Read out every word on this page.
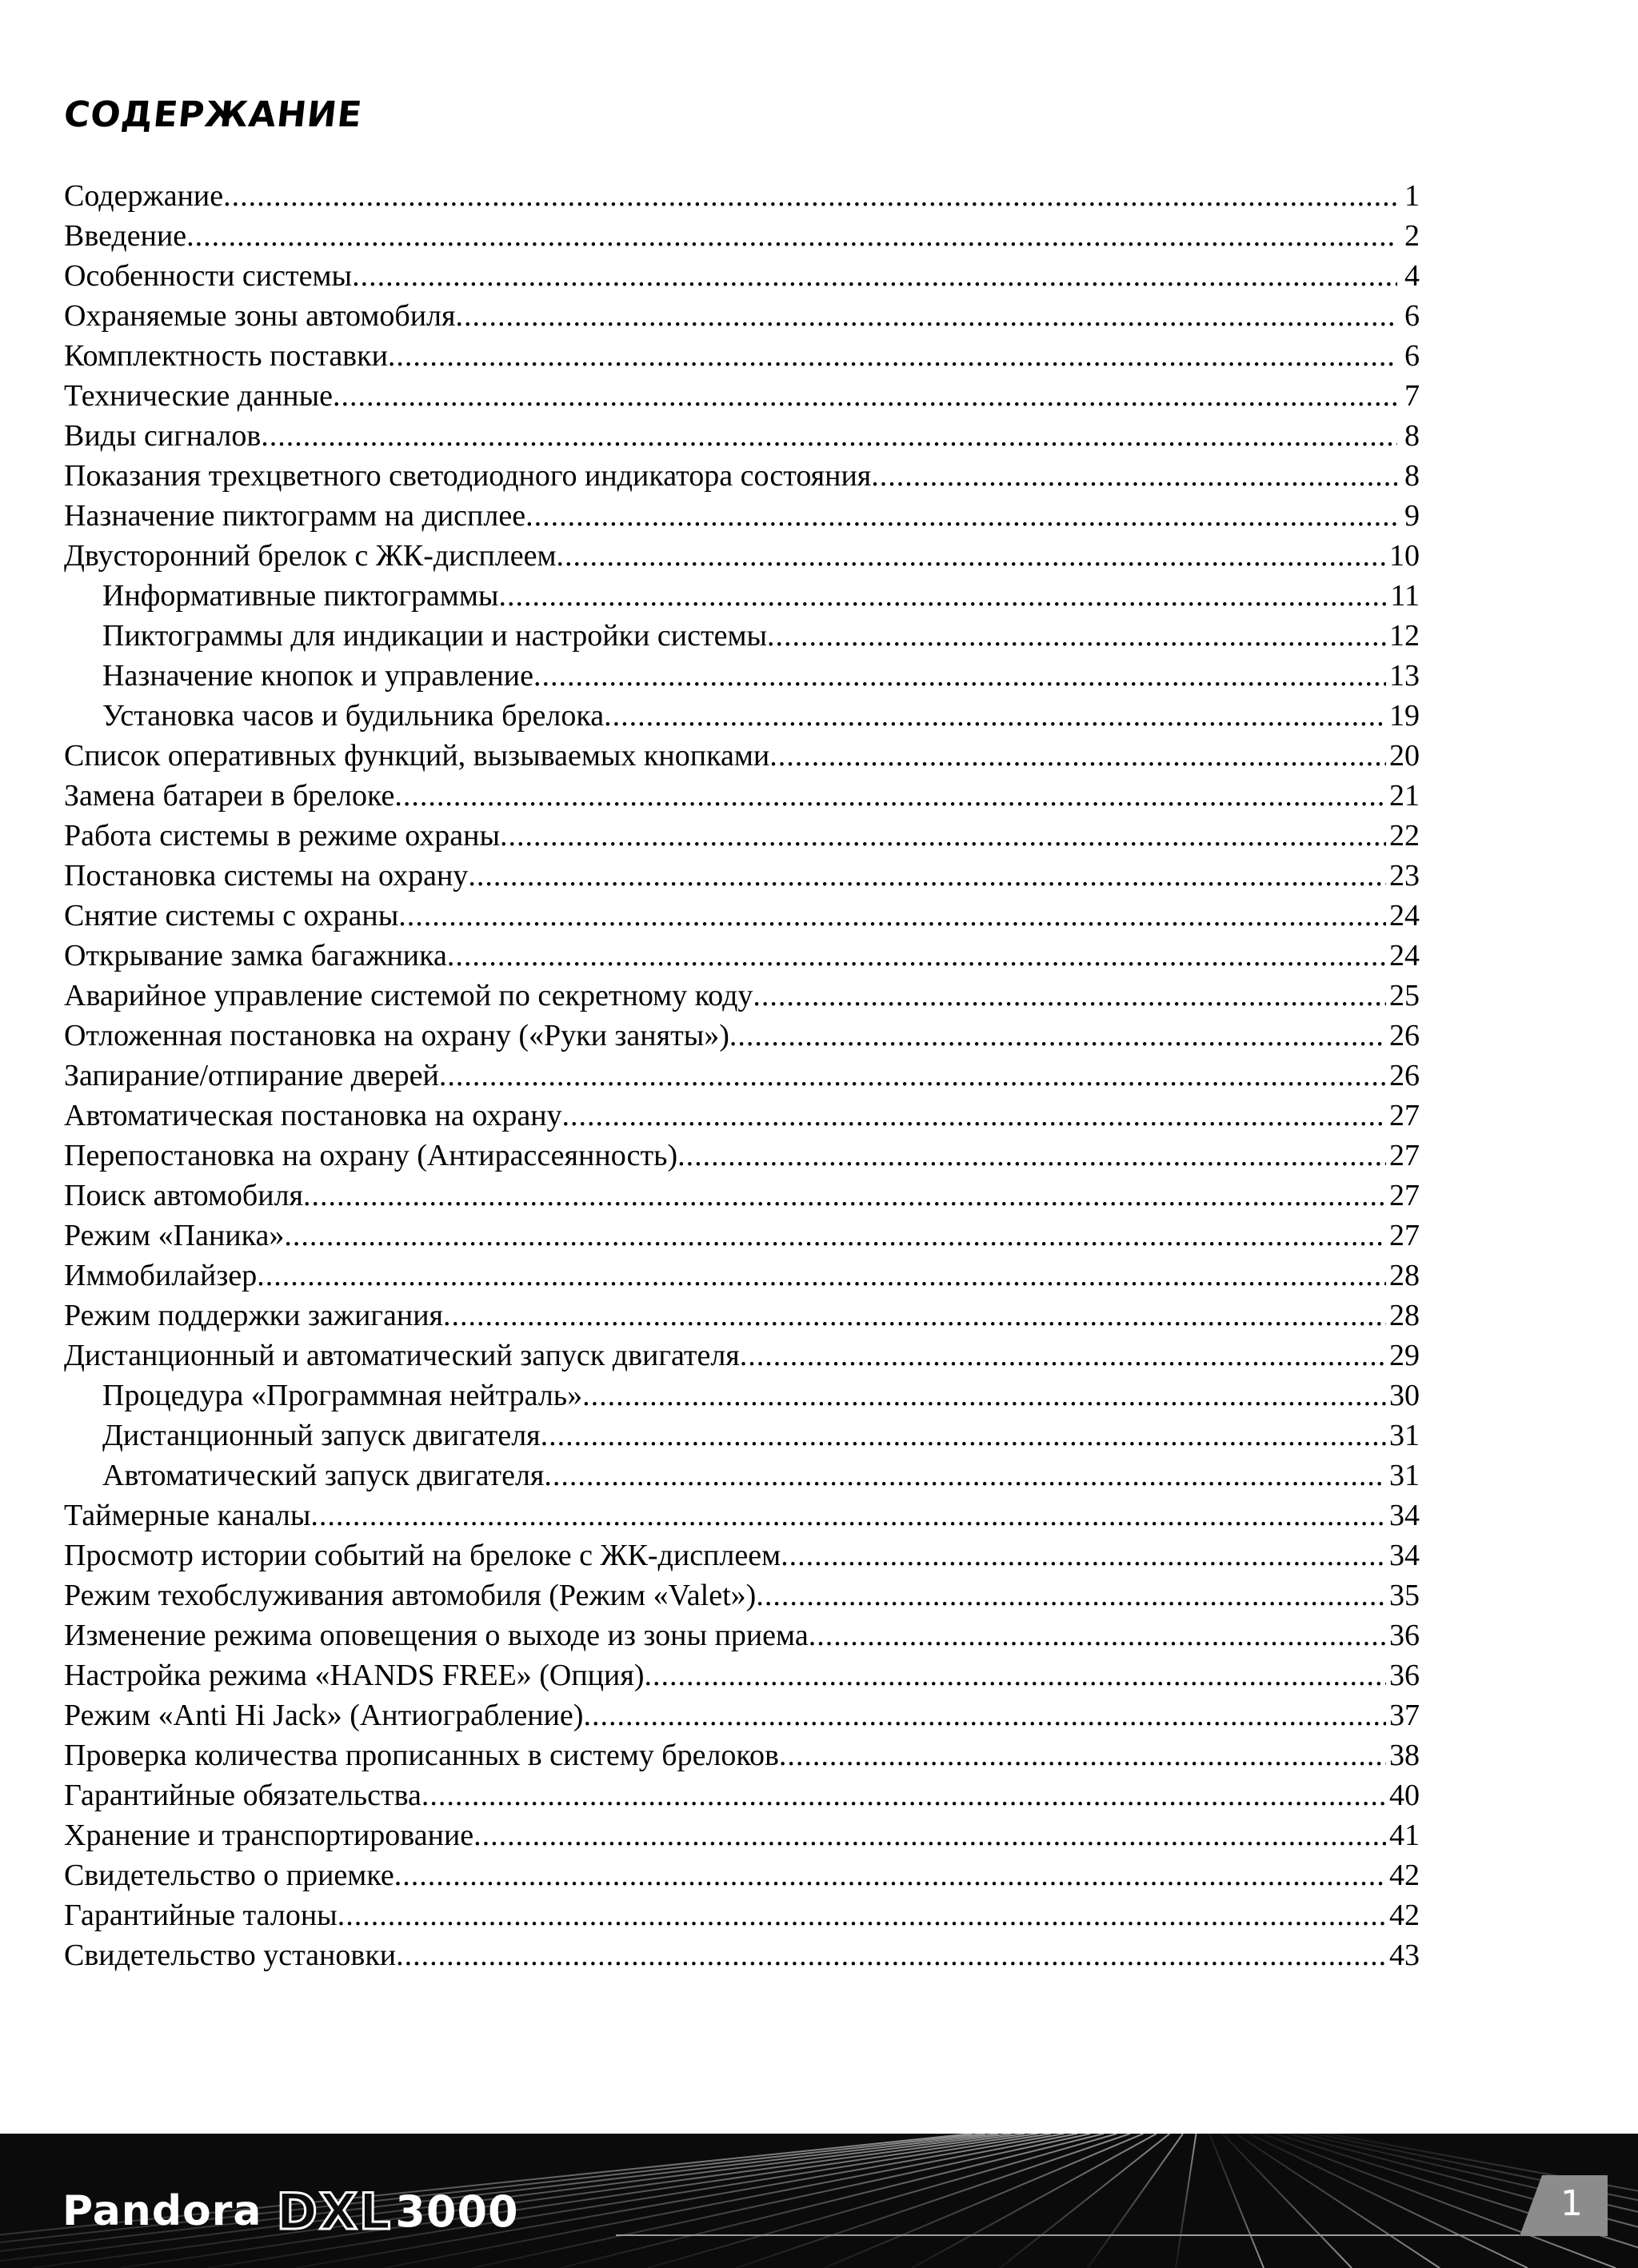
СОДЕРЖАНИЕ
Содержание .....	1
Введение .....	2
Особенности системы .....	4
Охраняемые зоны автомобиля .....	6
Комплектность поставки .....	6
Технические данные .....	7
Виды сигналов .....	8
Показания трехцветного светодиодного индикатора состояния .....	8
Назначение пиктограмм на дисплее .....	9
Двусторонний брелок с ЖК-дисплеем .....	10
Информативные пиктограммы .....	11
Пиктограммы для индикации и настройки системы .....	12
Назначение кнопок и управление .....	13
Установка часов и будильника брелока .....	19
Список оперативных функций, вызываемых кнопками .....	20
Замена батареи в брелоке .....	21
Работа системы в режиме охраны .....	22
Постановка системы на охрану .....	23
Снятие системы с охраны .....	24
Открывание замка багажника .....	24
Аварийное управление системой по секретному коду .....	25
Отложенная постановка на охрану («Руки заняты») .....	26
Запирание/отпирание дверей .....	26
Автоматическая постановка на охрану .....	27
Перепостановка на охрану (Антирассеянность) .....	27
Поиск автомобиля .....	27
Режим «Паника» .....	27
Иммобилайзер .....	28
Режим поддержки зажигания .....	28
Дистанционный и автоматический запуск двигателя .....	29
Процедура «Программная нейтраль» .....	30
Дистанционный запуск двигателя .....	31
Автоматический запуск двигателя .....	31
Таймерные каналы .....	34
Просмотр истории событий на брелоке с ЖК-дисплеем .....	34
Режим техобслуживания автомобиля (Режим «Valet») .....	35
Изменение режима оповещения о выходе из зоны приема .....	36
Настройка режима «HANDS FREE» (Опция) .....	36
Режим «Anti Hi Jack» (Антиограбление) .....	37
Проверка количества прописанных в систему брелоков .....	38
Гарантийные обязательства .....	40
Хранение и транспортирование .....	41
Свидетельство о приемке .....	42
Гарантийные талоны .....	42
Свидетельство установки .....	43
Pandora DXL 3000	1
